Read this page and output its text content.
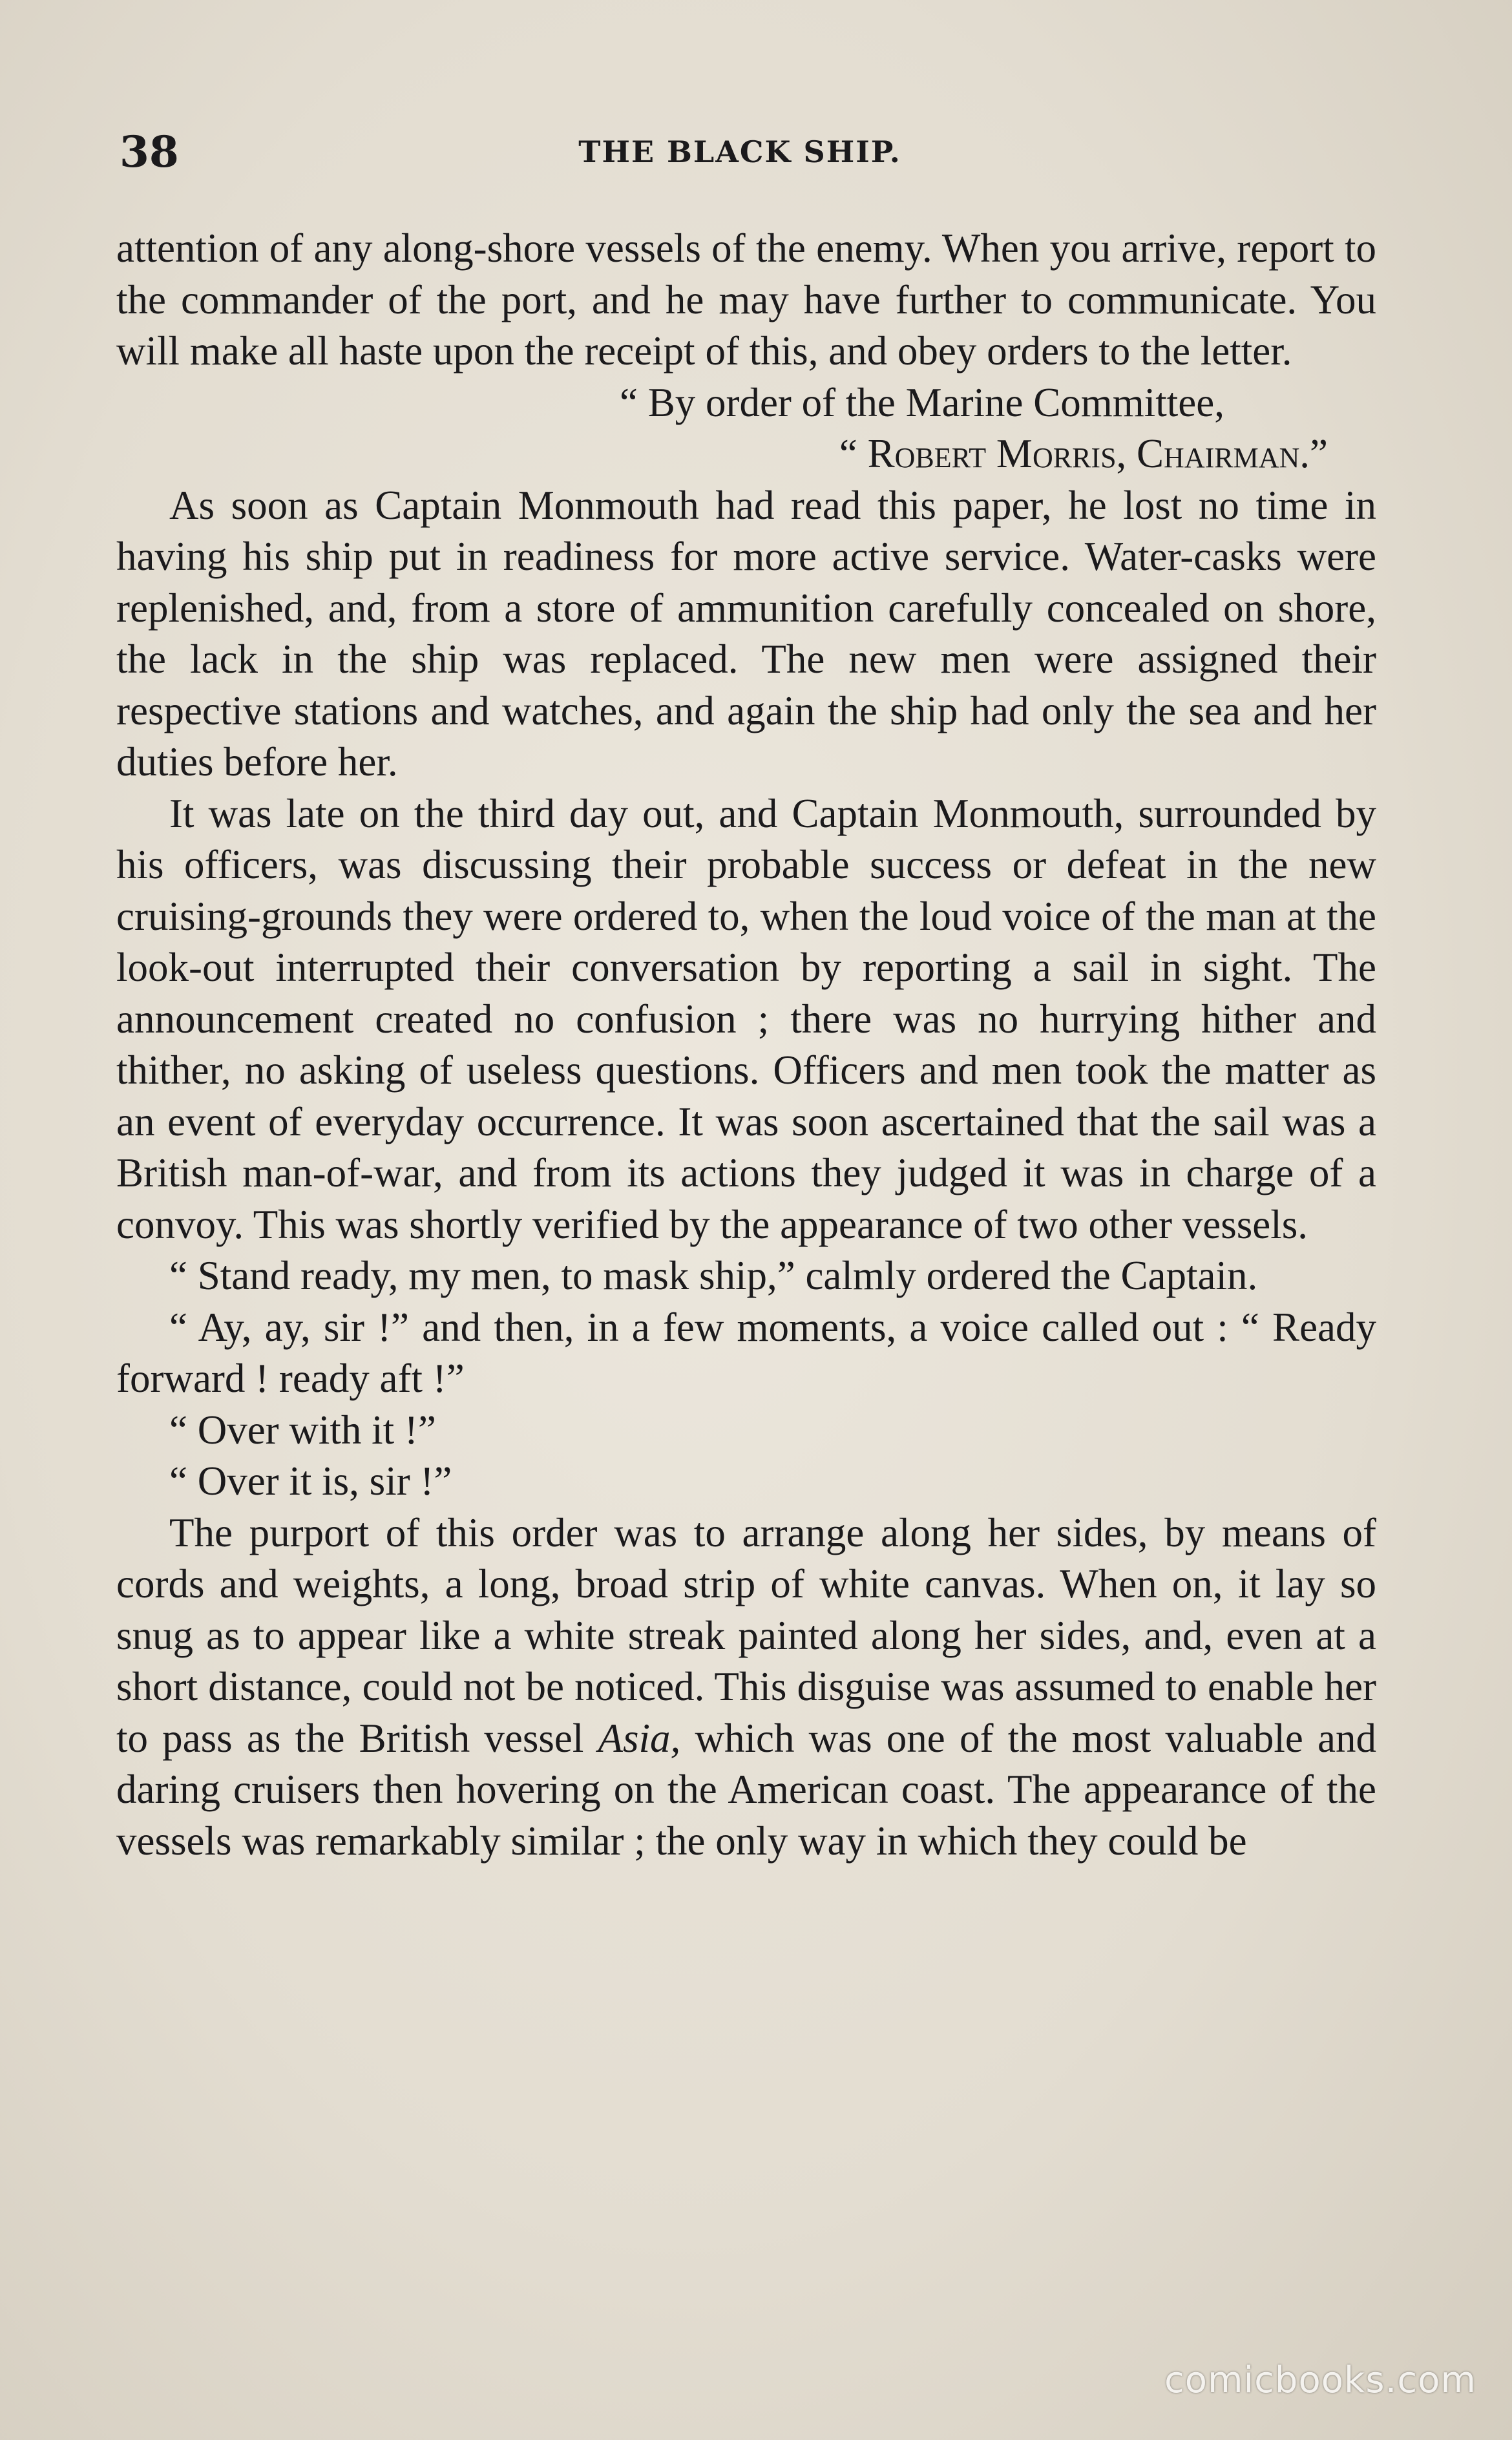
38	THE BLACK SHIP.

attention of any along-shore vessels of the enemy. When you arrive, report to the commander of the port, and he may have further to communicate. You will make all haste upon the receipt of this, and obey orders to the letter.

“ By order of the Marine Committee,

“ Robert Morris, Chairman.”

As soon as Captain Monmouth had read this paper, he lost no time in having his ship put in readiness for more active service. Water-casks were replenished, and, from a store of ammunition carefully concealed on shore, the lack in the ship was replaced. The new men were assigned their respective stations and watches, and again the ship had only the sea and her duties before her.

It was late on the third day out, and Captain Monmouth, surrounded by his officers, was discussing their probable success or defeat in the new cruising-grounds they were ordered to, when the loud voice of the man at the look-out interrupted their conversation by reporting a sail in sight. The announcement created no confusion ; there was no hurrying hither and thither, no asking of useless questions. Officers and men took the matter as an event of everyday occurrence. It was soon ascertained that the sail was a British man-of-war, and from its actions they judged it was in charge of a convoy. This was shortly verified by the appearance of two other vessels.

“ Stand ready, my men, to mask ship,” calmly ordered the Captain.

“ Ay, ay, sir !” and then, in a few moments, a voice called out : “ Ready forward ! ready aft !”

“ Over with it !”

“ Over it is, sir !”

The purport of this order was to arrange along her sides, by means of cords and weights, a long, broad strip of white canvas. When on, it lay so snug as to appear like a white streak painted along her sides, and, even at a short distance, could not be noticed. This disguise was assumed to enable her to pass as the British vessel Asia, which was one of the most valuable and daring cruisers then hovering on the American coast. The appearance of the vessels was remarkably similar ; the only way in which they could be

comicbooks.com
